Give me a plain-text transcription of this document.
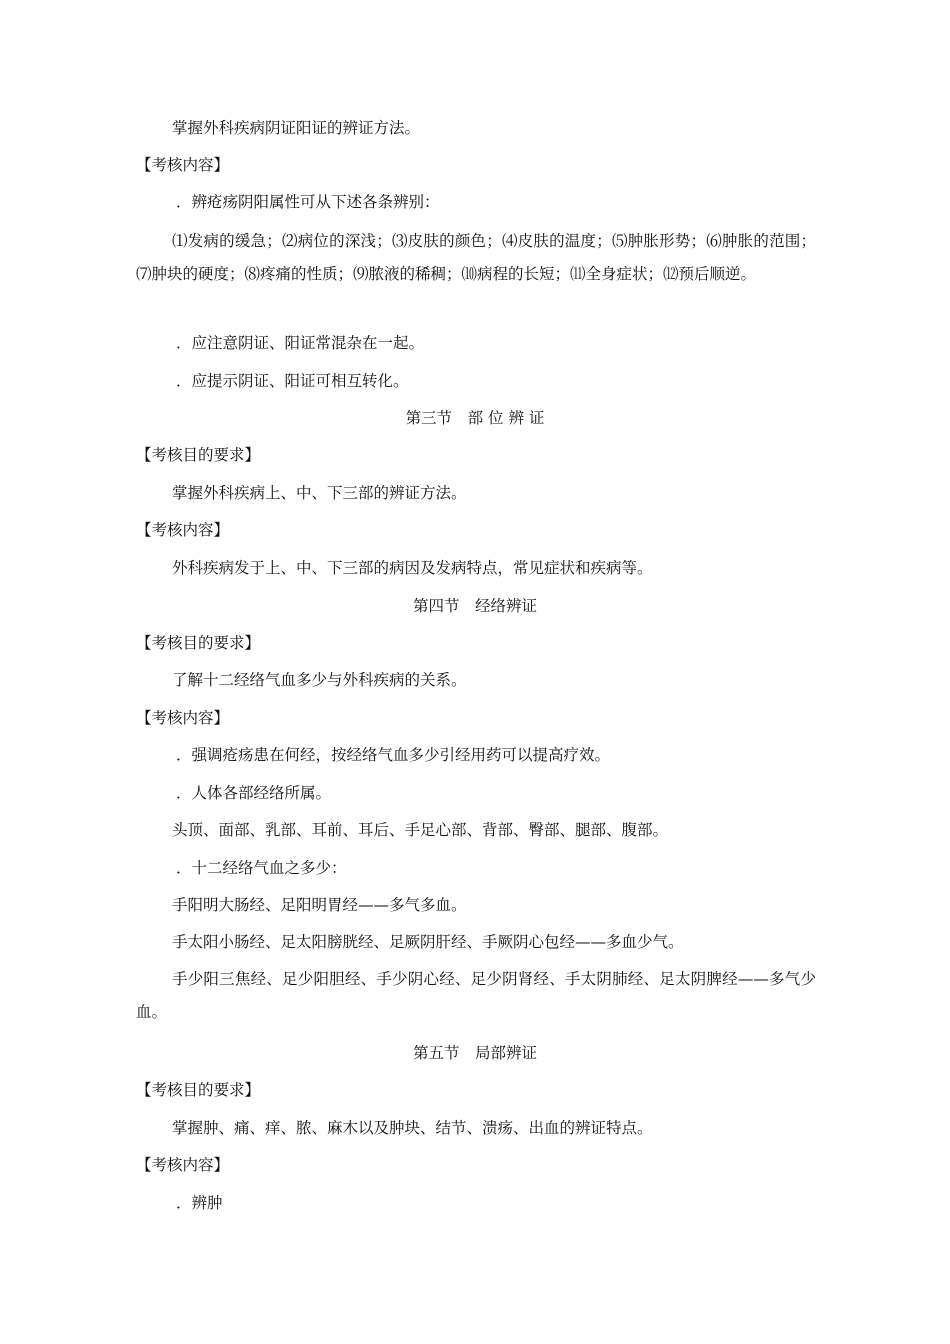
掌握外科疾病阴证阳证的辨证方法。

【考核内容】

．辨疮疡阴阳属性可从下述各条辨别：

⑴发病的缓急；⑵病位的深浅；⑶皮肤的颜色；⑷皮肤的温度；⑸肿胀形势；⑹肿胀的范围；⑺肿块的硬度；⑻疼痛的性质；⑼脓液的稀稠；⑽病程的长短；⑾全身症状；⑿预后顺逆。

．应注意阴证、阳证常混杂在一起。

．应提示阴证、阳证可相互转化。

第三节　部 位 辨 证

【考核目的要求】

掌握外科疾病上、中、下三部的辨证方法。

【考核内容】

外科疾病发于上、中、下三部的病因及发病特点，常见症状和疾病等。

第四节　经络辨证

【考核目的要求】

了解十二经络气血多少与外科疾病的关系。

【考核内容】

．强调疮疡患在何经，按经络气血多少引经用药可以提高疗效。

．人体各部经络所属。

头顶、面部、乳部、耳前、耳后、手足心部、背部、臀部、腿部、腹部。

．十二经络气血之多少：

手阳明大肠经、足阳明胃经——多气多血。

手太阳小肠经、足太阳膀胱经、足厥阴肝经、手厥阴心包经——多血少气。

手少阳三焦经、足少阳胆经、手少阴心经、足少阴肾经、手太阴肺经、足太阴脾经——多气少血。

第五节　局部辨证

【考核目的要求】

掌握肿、痛、痒、脓、麻木以及肿块、结节、溃疡、出血的辨证特点。

【考核内容】

．辨肿
